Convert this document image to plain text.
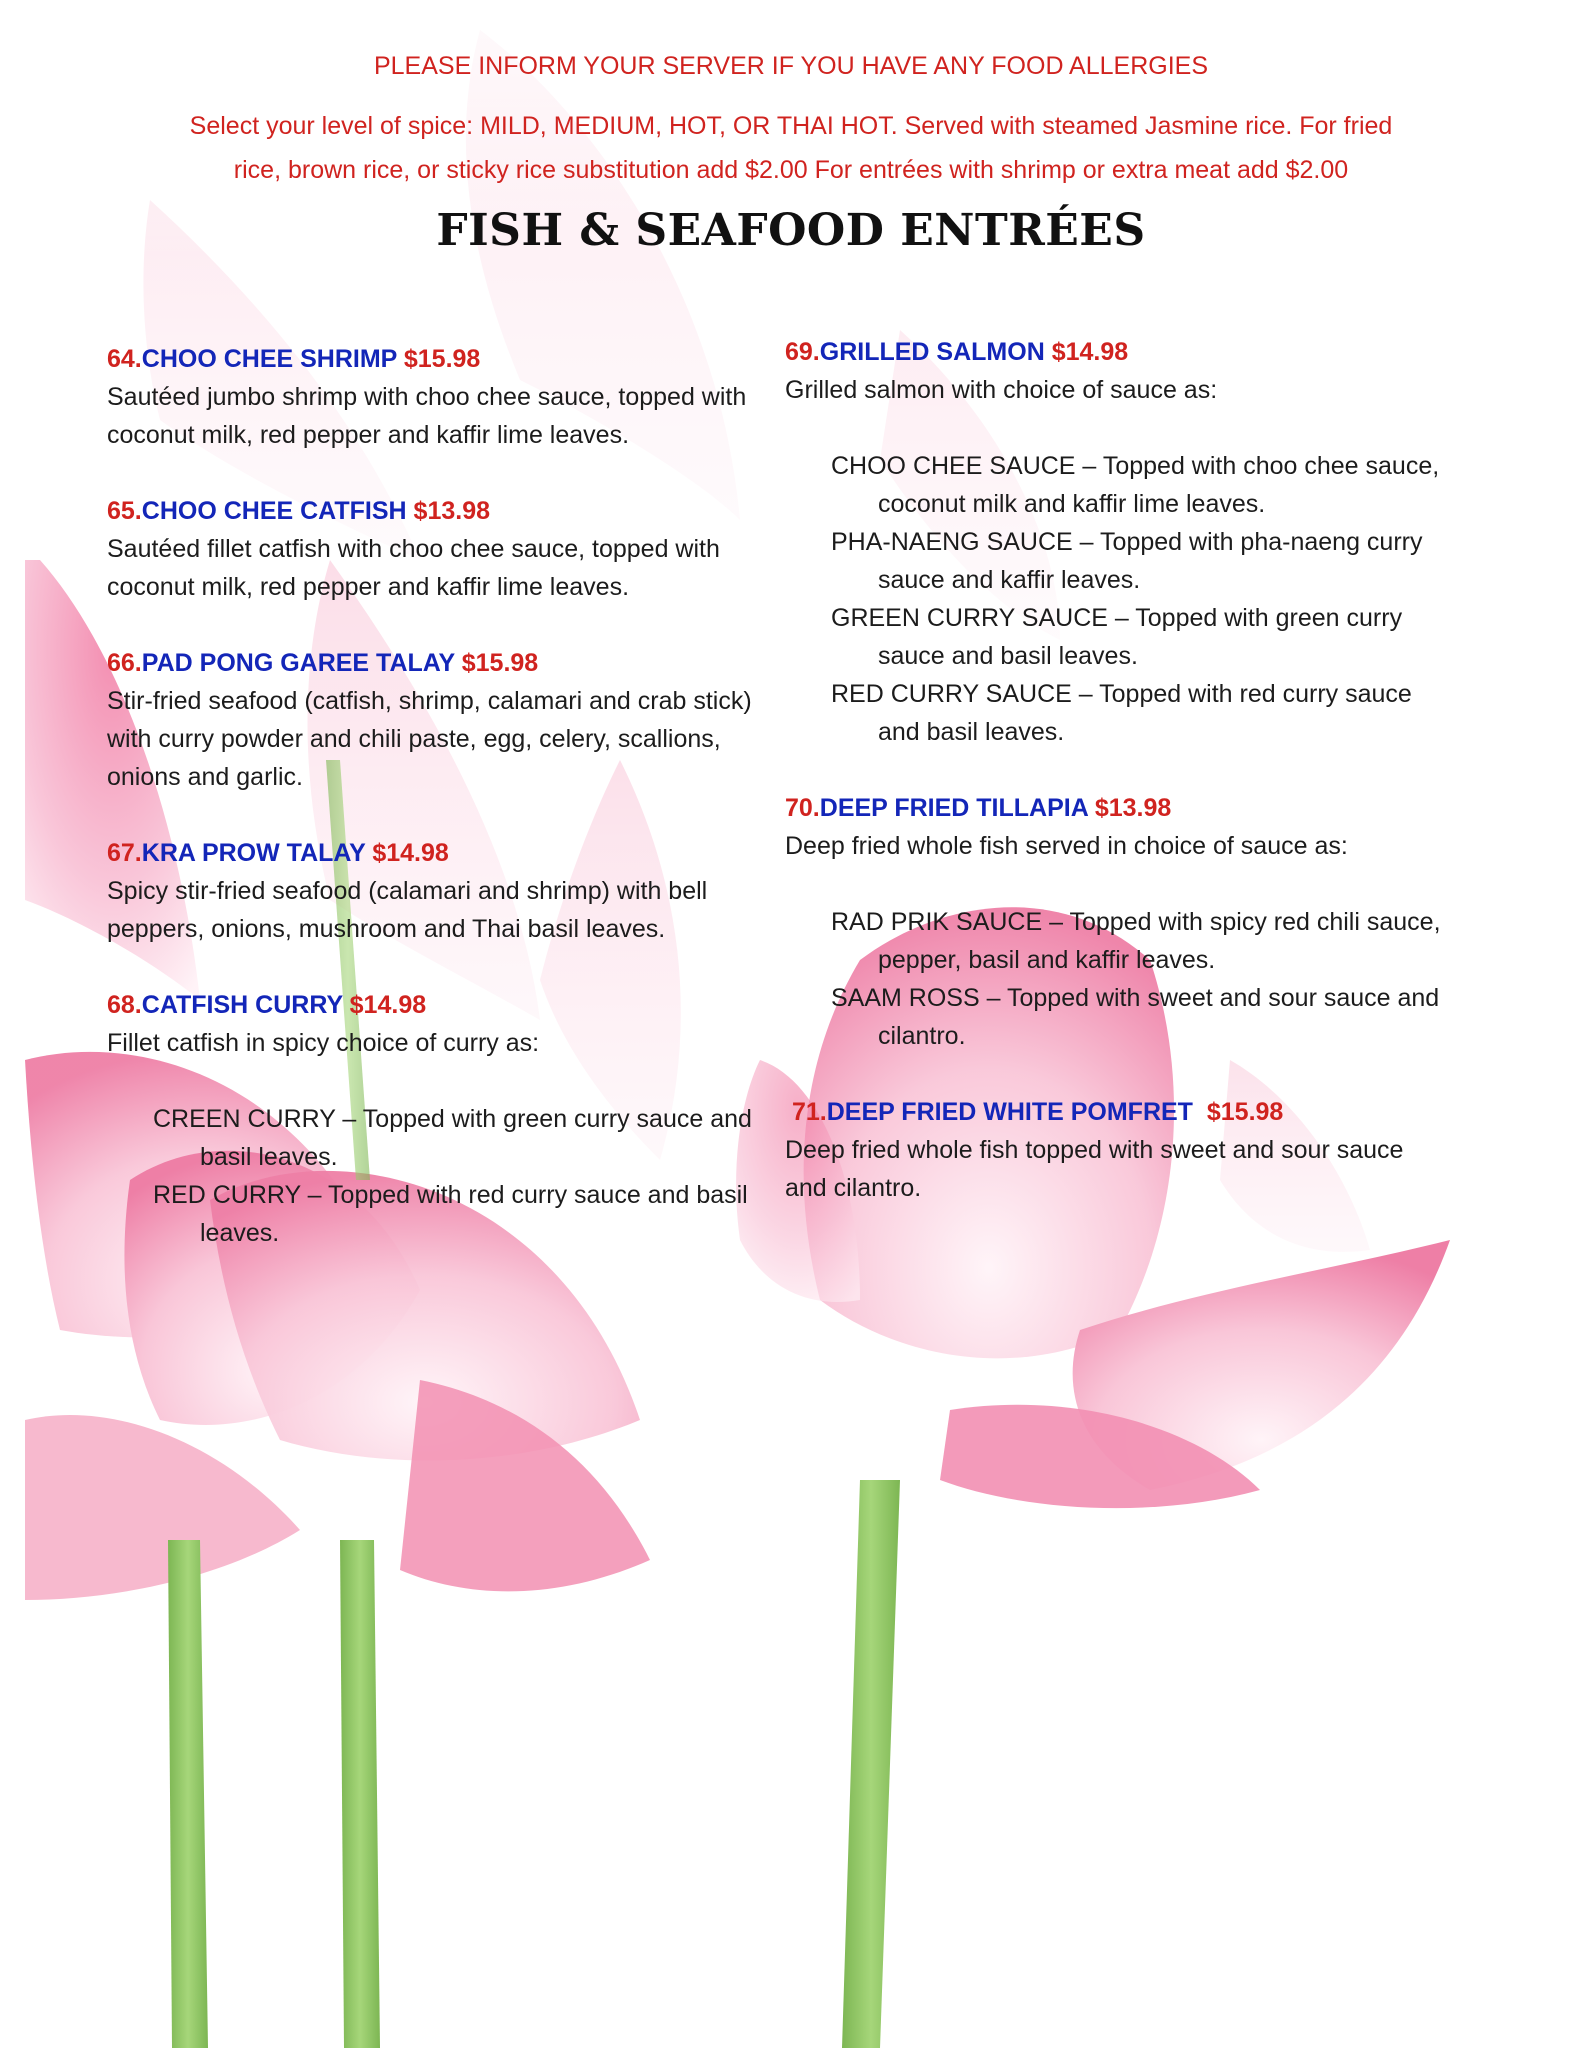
PLEASE INFORM YOUR SERVER IF YOU HAVE ANY FOOD ALLERGIES
Select your level of spice: MILD, MEDIUM, HOT, OR THAI HOT. Served with steamed Jasmine rice. For fried
rice, brown rice, or sticky rice substitution add $2.00 For entrées with shrimp or extra meat add $2.00
FISH & SEAFOOD ENTRÉES
64.CHOO CHEE SHRIMP $15.98
Sautéed jumbo shrimp with choo chee sauce, topped with coconut milk, red pepper and kaffir lime leaves.
65.CHOO CHEE CATFISH $13.98
Sautéed fillet catfish with choo chee sauce, topped with coconut milk, red pepper and kaffir lime leaves.
66.PAD PONG GAREE TALAY $15.98
Stir-fried seafood (catfish, shrimp, calamari and crab stick) with curry powder and chili paste, egg, celery, scallions, onions and garlic.
67.KRA PROW TALAY $14.98
Spicy stir-fried seafood (calamari and shrimp) with bell peppers, onions, mushroom and Thai basil leaves.
68.CATFISH CURRY $14.98
Fillet catfish in spicy choice of curry as:
CREEN CURRY – Topped with green curry sauce and basil leaves.
RED CURRY – Topped with red curry sauce and basil leaves.
69.GRILLED SALMON $14.98
Grilled salmon with choice of sauce as:
CHOO CHEE SAUCE – Topped with choo chee sauce, coconut milk and kaffir lime leaves.
PHA-NAENG SAUCE – Topped with pha-naeng curry sauce and kaffir leaves.
GREEN CURRY SAUCE – Topped with green curry sauce and basil leaves.
RED CURRY SAUCE – Topped with red curry sauce and basil leaves.
70.DEEP FRIED TILLAPIA $13.98
Deep fried whole fish served in choice of sauce as:
RAD PRIK SAUCE – Topped with spicy red chili sauce, pepper, basil and kaffir leaves.
SAAM ROSS – Topped with sweet and sour sauce and cilantro.
71.DEEP FRIED WHITE POMFRET $15.98
Deep fried whole fish topped with sweet and sour sauce and cilantro.
